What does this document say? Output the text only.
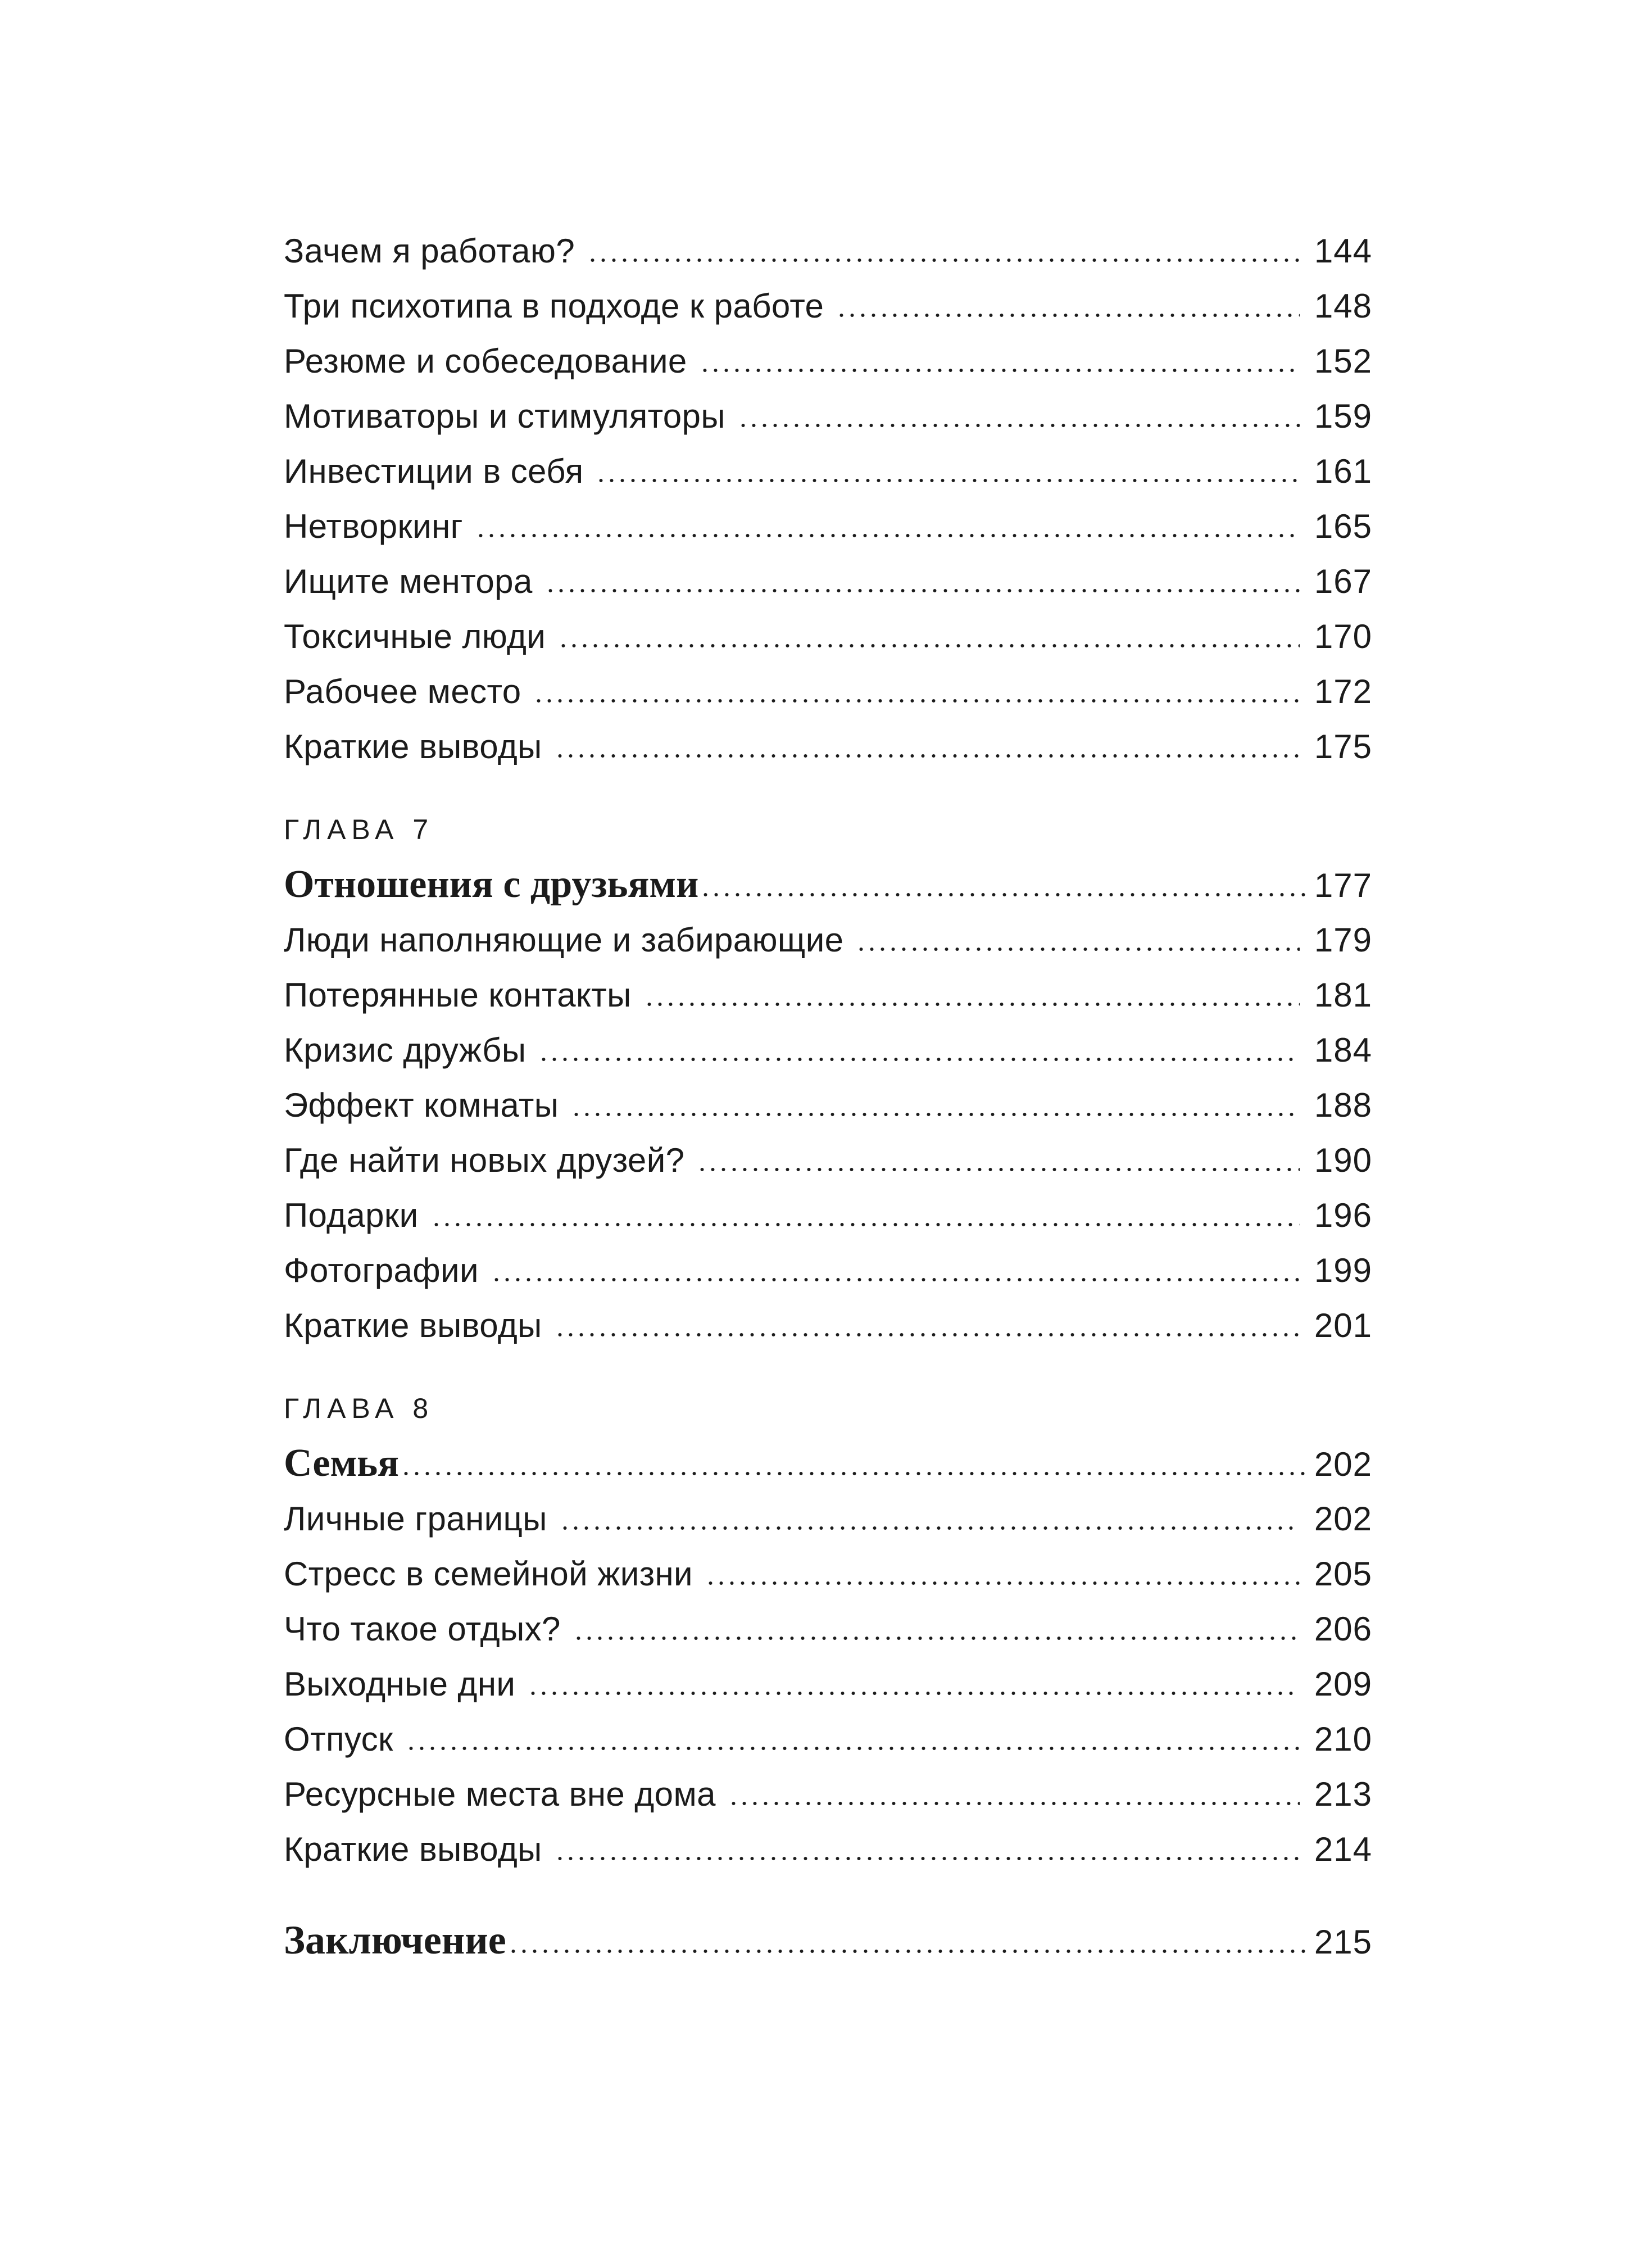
Зачем я работаю?	144
Три психотипа в подходе к работе	148
Резюме и собеседование	152
Мотиваторы и стимуляторы	159
Инвестиции в себя	161
Нетворкинг	165
Ищите ментора	167
Токсичные люди	170
Рабочее место	172
Краткие выводы	175
ГЛАВА 7
Отношения с друзьями	177
Люди наполняющие и забирающие	179
Потерянные контакты	181
Кризис дружбы	184
Эффект комнаты	188
Где найти новых друзей?	190
Подарки	196
Фотографии	199
Краткие выводы	201
ГЛАВА 8
Семья	202
Личные границы	202
Стресс в семейной жизни	205
Что такое отдых?	206
Выходные дни	209
Отпуск	210
Ресурсные места вне дома	213
Краткие выводы	214
Заключение	215
